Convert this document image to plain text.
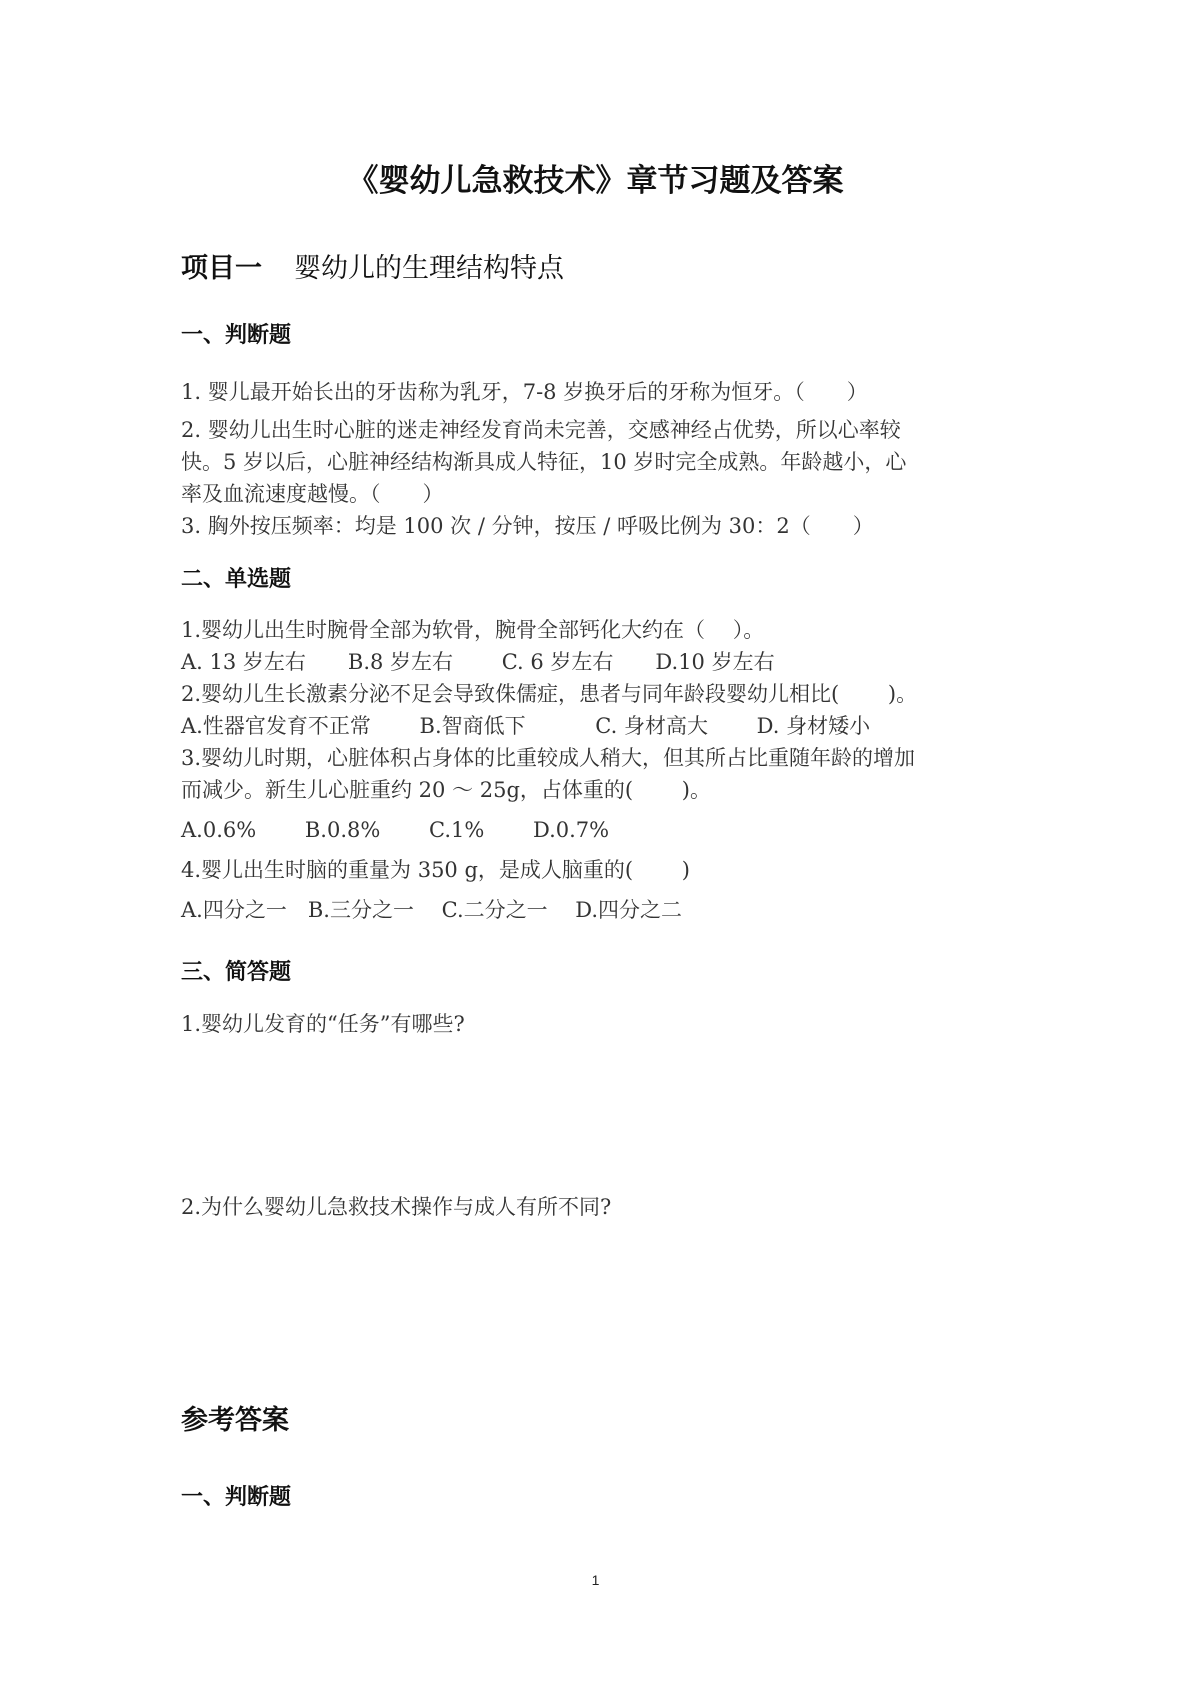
《婴幼儿急救技术》章节习题及答案
项目一 婴幼儿的生理结构特点
一、判断题
1. 婴儿最开始长出的牙齿称为乳牙，7-8 岁换牙后的牙称为恒牙。（　　）
2. 婴幼儿出生时心脏的迷走神经发育尚未完善，交感神经占优势，所以心率较
快。5 岁以后，心脏神经结构渐具成人特征，10 岁时完全成熟。年龄越小，心
率及血流速度越慢。（　　）
3. 胸外按压频率：均是 100 次 / 分钟，按压 / 呼吸比例为 30：2（　　）
二、单选题
1.婴幼儿出生时腕骨全部为软骨，腕骨全部钙化大约在（　 ）。
A. 13 岁左右　　B.8 岁左右　　 C. 6 岁左右　　D.10 岁左右
2.婴幼儿生长激素分泌不足会导致侏儒症，患者与同年龄段婴幼儿相比(　　 )。
A.性器官发育不正常　　 B.智商低下　　　 C. 身材高大　　 D. 身材矮小
3.婴幼儿时期，心脏体积占身体的比重较成人稍大，但其所占比重随年龄的增加
而减少。新生儿心脏重约 20 ～ 25g，占体重的(　　 )。
A.0.6%　　 B.0.8%　　 C.1%　　 D.0.7%
4.婴儿出生时脑的重量为 350 g，是成人脑重的(　　 )
A.四分之一　B.三分之一　 C.二分之一　 D.四分之二
三、简答题
1.婴幼儿发育的“任务”有哪些?
2.为什么婴幼儿急救技术操作与成人有所不同?
参考答案
一、判断题
1
